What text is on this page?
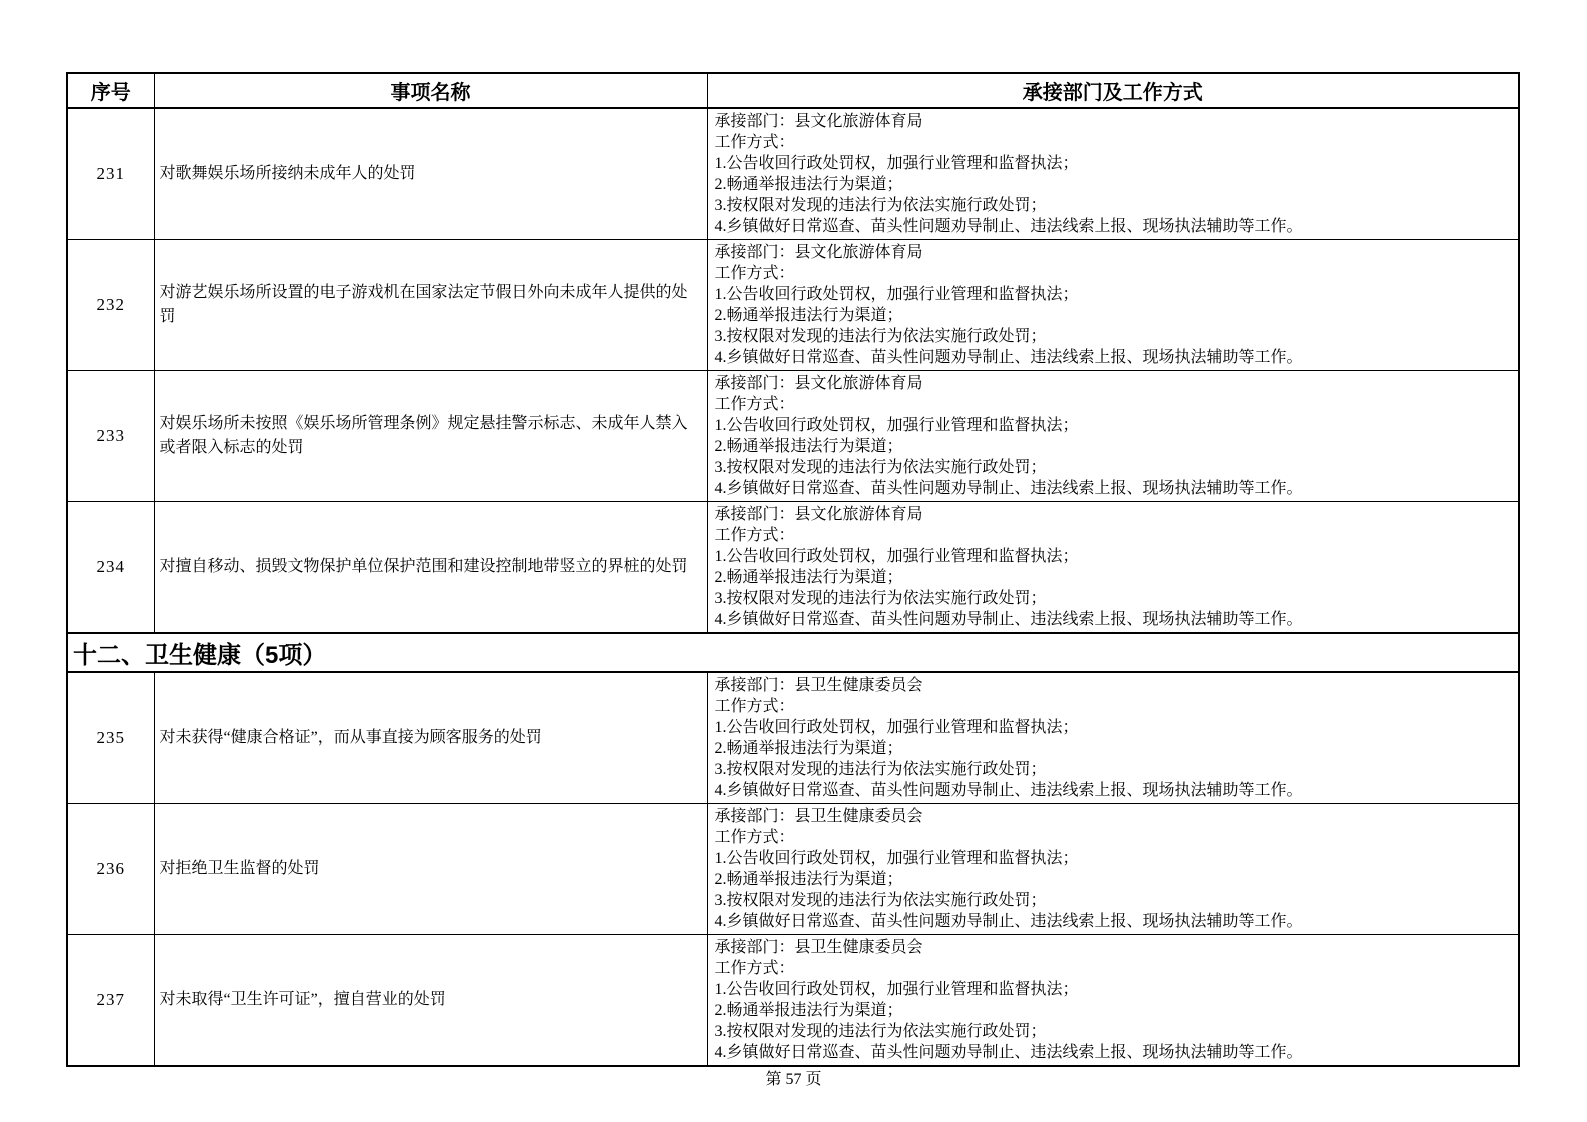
序号	事项名称	承接部门及工作方式
231	对歌舞娱乐场所接纳未成年人的处罚	
承接部门：县文化旅游体育局
工作方式：
1.公告收回行政处罚权，加强行业管理和监督执法；
2.畅通举报违法行为渠道；
3.按权限对发现的违法行为依法实施行政处罚；
4.乡镇做好日常巡查、苗头性问题劝导制止、违法线索上报、现场执法辅助等工作。

232	对游艺娱乐场所设置的电子游戏机在国家法定节假日外向未成年人提供的处罚	
承接部门：县文化旅游体育局
工作方式：
1.公告收回行政处罚权，加强行业管理和监督执法；
2.畅通举报违法行为渠道；
3.按权限对发现的违法行为依法实施行政处罚；
4.乡镇做好日常巡查、苗头性问题劝导制止、违法线索上报、现场执法辅助等工作。

233	对娱乐场所未按照《娱乐场所管理条例》规定悬挂警示标志、未成年人禁入或者限入标志的处罚	
承接部门：县文化旅游体育局
工作方式：
1.公告收回行政处罚权，加强行业管理和监督执法；
2.畅通举报违法行为渠道；
3.按权限对发现的违法行为依法实施行政处罚；
4.乡镇做好日常巡查、苗头性问题劝导制止、违法线索上报、现场执法辅助等工作。

234	对擅自移动、损毁文物保护单位保护范围和建设控制地带竖立的界桩的处罚	
承接部门：县文化旅游体育局
工作方式：
1.公告收回行政处罚权，加强行业管理和监督执法；
2.畅通举报违法行为渠道；
3.按权限对发现的违法行为依法实施行政处罚；
4.乡镇做好日常巡查、苗头性问题劝导制止、违法线索上报、现场执法辅助等工作。

十二、卫生健康（5项）		
235	对未获得“健康合格证”，而从事直接为顾客服务的处罚	
承接部门：县卫生健康委员会
工作方式：
1.公告收回行政处罚权，加强行业管理和监督执法；
2.畅通举报违法行为渠道；
3.按权限对发现的违法行为依法实施行政处罚；
4.乡镇做好日常巡查、苗头性问题劝导制止、违法线索上报、现场执法辅助等工作。

236	对拒绝卫生监督的处罚	
承接部门：县卫生健康委员会
工作方式：
1.公告收回行政处罚权，加强行业管理和监督执法；
2.畅通举报违法行为渠道；
3.按权限对发现的违法行为依法实施行政处罚；
4.乡镇做好日常巡查、苗头性问题劝导制止、违法线索上报、现场执法辅助等工作。

237	对未取得“卫生许可证”，擅自营业的处罚	
承接部门：县卫生健康委员会
工作方式：
1.公告收回行政处罚权，加强行业管理和监督执法；
2.畅通举报违法行为渠道；
3.按权限对发现的违法行为依法实施行政处罚；
4.乡镇做好日常巡查、苗头性问题劝导制止、违法线索上报、现场执法辅助等工作。
第 57 页
